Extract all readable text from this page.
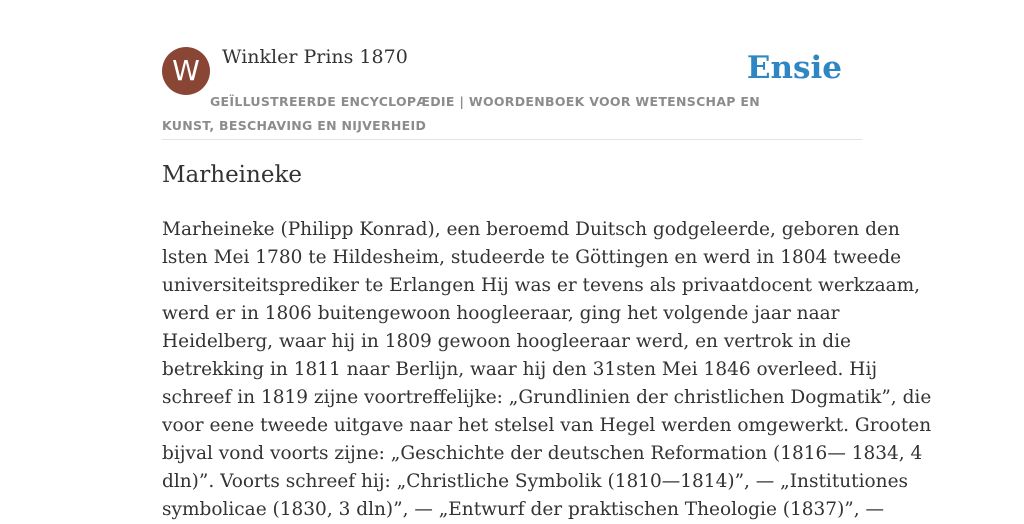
W Winkler Prins 1870	Ensie
GEÏLLUSTREERDE ENCYCLOPÆDIE | WOORDENBOEK VOOR WETENSCHAP EN KUNST, BESCHAVING EN NIJVERHEID
Marheineke
Marheineke (Philipp Konrad), een beroemd Duitsch godgeleerde, geboren den
lsten Mei 1780 te Hildesheim, studeerde te Göttingen en werd in 1804 tweede
universiteitsprediker te Erlangen Hij was er tevens als privaatdocent werkzaam,
werd er in 1806 buitengewoon hoogleeraar, ging het volgende jaar naar
Heidelberg, waar hij in 1809 gewoon hoogleeraar werd, en vertrok in die
betrekking in 1811 naar Berlijn, waar hij den 31sten Mei 1846 overleed. Hij
schreef in 1819 zijne voortreffelijke: „Grundlinien der christlichen Dogmatik”, die
voor eene tweede uitgave naar het stelsel van Hegel werden omgewerkt. Grooten
bijval vond voorts zijne: „Geschichte der deutschen Reformation (1816— 1834, 4
dln)”. Voorts schreef hij: „Christliche Symbolik (1810—1814)”, — „Institutiones
symbolicae (1830, 3 dln)”, — „Entwurf der praktischen Theologie (1837)”, —
